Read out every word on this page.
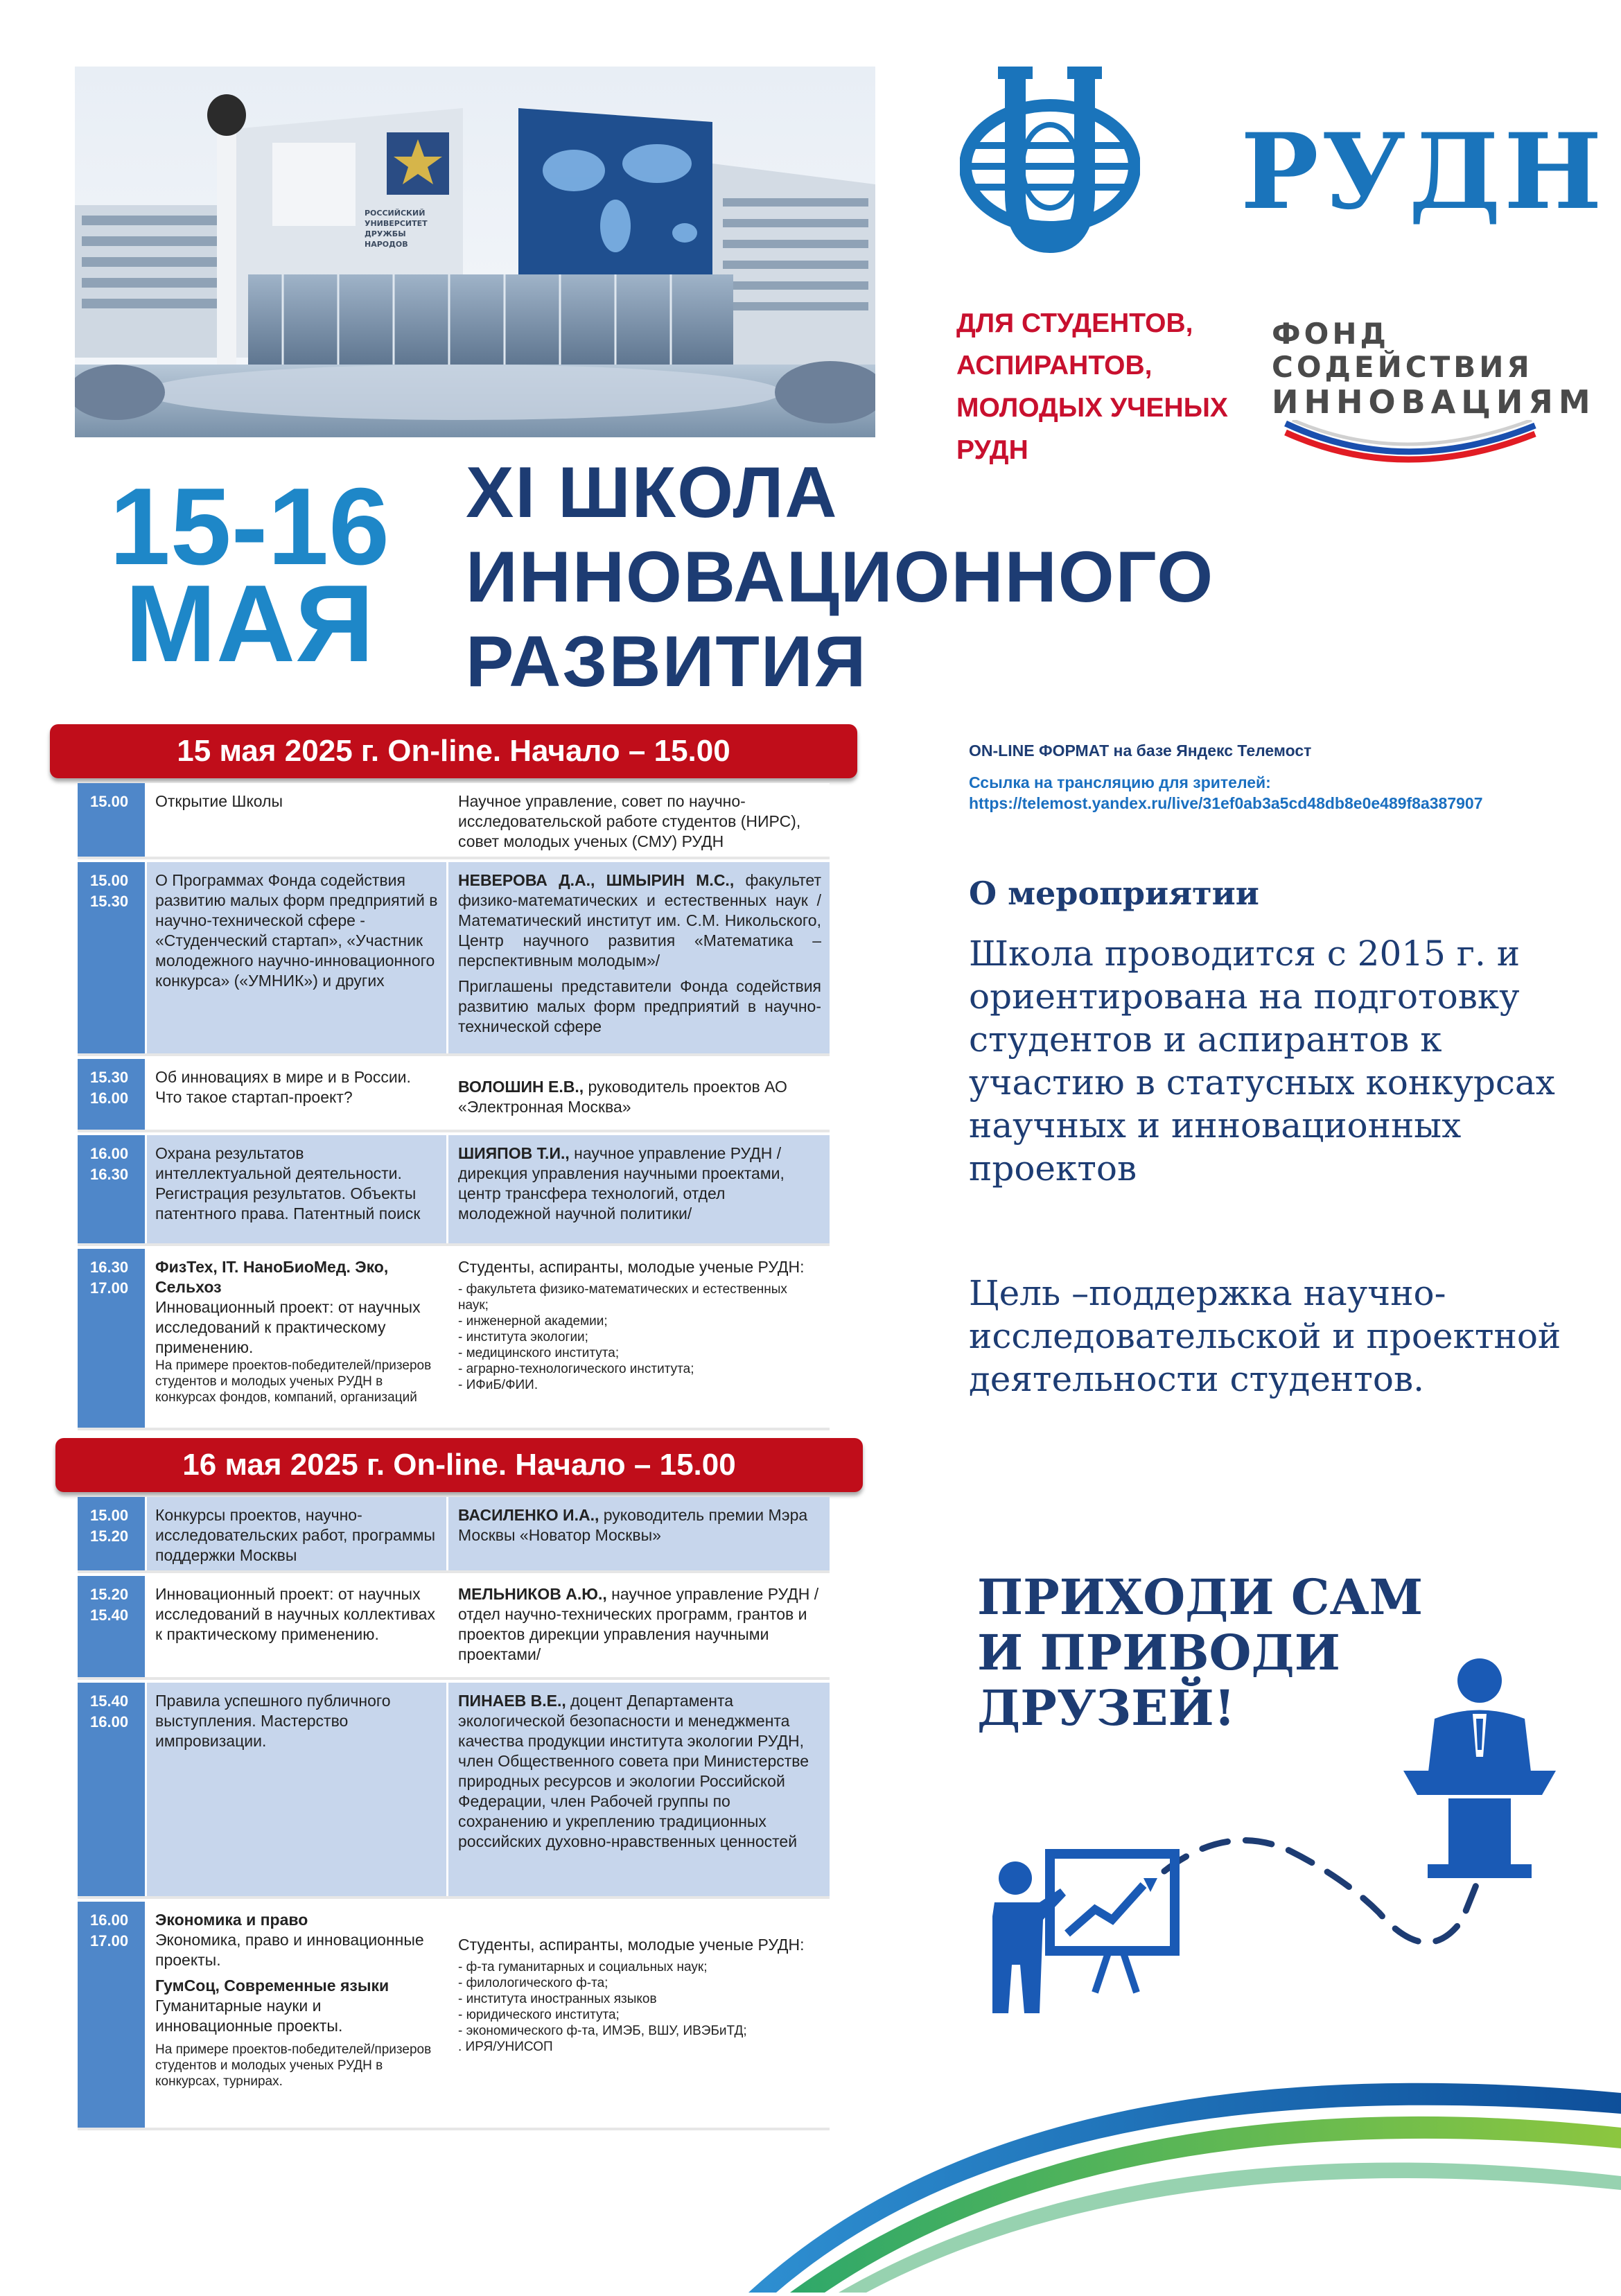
РОССИЙСКИЙ
УНИВЕРСИТЕТ
ДРУЖБЫ
НАРОДОВ
РУДН
ДЛЯ СТУДЕНТОВ,
АСПИРАНТОВ,
МОЛОДЫХ УЧЕНЫХ
РУДН
ФОНД СОДЕЙСТВИЯ
ИННОВАЦИЯМ
15-16
МАЯ
XI ШКОЛА
ИННОВАЦИОННОГО
РАЗВИТИЯ
15 мая 2025 г. On-line. Начало – 15.00
15.00	Открытие Школы	Научное управление, совет по научно-исследовательской работе студентов (НИРС), совет молодых ученых (СМУ) РУДН
15.00
15.30
О Программах Фонда содействия развитию малых форм предприятий в научно-технической сфере - «Студенческий стартап», «Участник молодежного научно-инновационного конкурса» («УМНИК») и других
НЕВЕРОВА Д.А., ШМЫРИН М.С., факультет физико-математических и естественных наук /Математический институт им. С.М. Никольского, Центр научного развития «Математика – перспективным молодым»/
Приглашены представители Фонда содействия развитию малых форм предприятий в научно-технической сфере
15.30
16.00
Об инновациях в мире и в России. Что такое стартап-проект?
ВОЛОШИН Е.В., руководитель проектов АО «Электронная Москва»
16.00
16.30
Охрана результатов интеллектуальной деятельности. Регистрация результатов. Объекты патентного права. Патентный поиск
ШИЯПОВ Т.И., научное управление РУДН /дирекция управления научными проектами, центр трансфера технологий, отдел молодежной научной политики/
16.30
17.00
ФизТех, IT. НаноБиоМед. Эко, Сельхоз
Инновационный проект: от научных исследований к практическому применению.
На примере проектов-победителей/призеров студентов и молодых ученых РУДН в конкурсах фондов, компаний, организаций
Студенты, аспиранты, молодые ученые РУДН:
- факультета физико-математических и естественных наук;
- инженерной академии;
- института экологии;
- медицинского института;
- аграрно-технологического института;
- ИФиБ/ФИИ.
16 мая 2025 г. On-line. Начало – 15.00
15.00
15.20
Конкурсы проектов, научно-исследовательских работ, программы поддержки Москвы
ВАСИЛЕНКО И.А., руководитель премии Мэра Москвы «Новатор Москвы»
15.20
15.40
Инновационный проект: от научных исследований в научных коллективах к практическому применению.
МЕЛЬНИКОВ А.Ю., научное управление РУДН /отдел научно-технических программ, грантов и проектов дирекции управления научными проектами/
15.40
16.00
Правила успешного публичного выступления. Мастерство импровизации.
ПИНАЕВ В.Е., доцент Департамента экологической безопасности и менеджмента качества продукции института экологии РУДН, член Общественного совета при Министерстве природных ресурсов и экологии Российской Федерации, член Рабочей группы по сохранению и укреплению традиционных российских духовно-нравственных ценностей
16.00
17.00
Экономика и право
Экономика, право и инновационные проекты.
ГумСоц, Современные языки
Гуманитарные науки и инновационные проекты.
На примере проектов-победителей/призеров студентов и молодых ученых РУДН в конкурсах, турнирах.
Студенты, аспиранты, молодые ученые РУДН:
- ф-та гуманитарных и социальных наук;
- филологического ф-та;
- института иностранных языков
- юридического института;
- экономического ф-та, ИМЭБ, ВШУ, ИВЭБиТД;
. ИРЯ/УНИСОП
ON-LINE ФОРМАТ на базе Яндекс Телемост
Ссылка на трансляцию для зрителей:
https://telemost.yandex.ru/live/31ef0ab3a5cd48db8e0e489f8a387907
О мероприятии
Школа проводится с 2015 г. и ориентирована на подготовку студентов и аспирантов к участию в статусных конкурсах научных и инновационных проектов
Цель –поддержка научно-исследовательской и проектной деятельности студентов.
ПРИХОДИ САМ
И ПРИВОДИ
ДРУЗЕЙ!
